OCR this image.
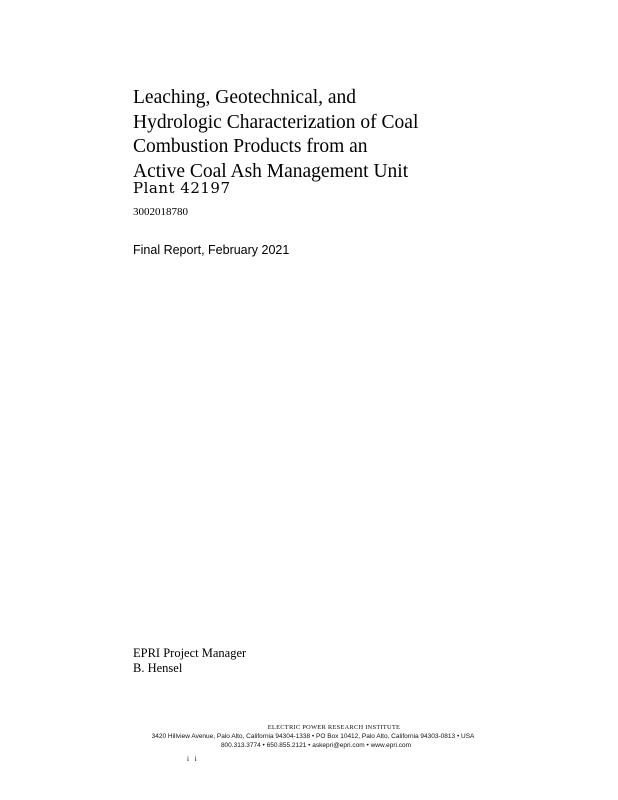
Leaching, Geotechnical, and
Hydrologic Characterization of Coal
Combustion Products from an
Active Coal Ash Management Unit
Plant 42197
3002018780
Final Report, February 2021
EPRI Project Manager
B. Hensel
ELECTRIC POWER RESEARCH INSTITUTE
3420 Hillview Avenue, Palo Alto, California 94304-1338 • PO Box 10412, Palo Alto, California 94303-0813 • USA
800.313.3774 • 650.855.2121 • askepri@epri.com • www.epri.com
i i
